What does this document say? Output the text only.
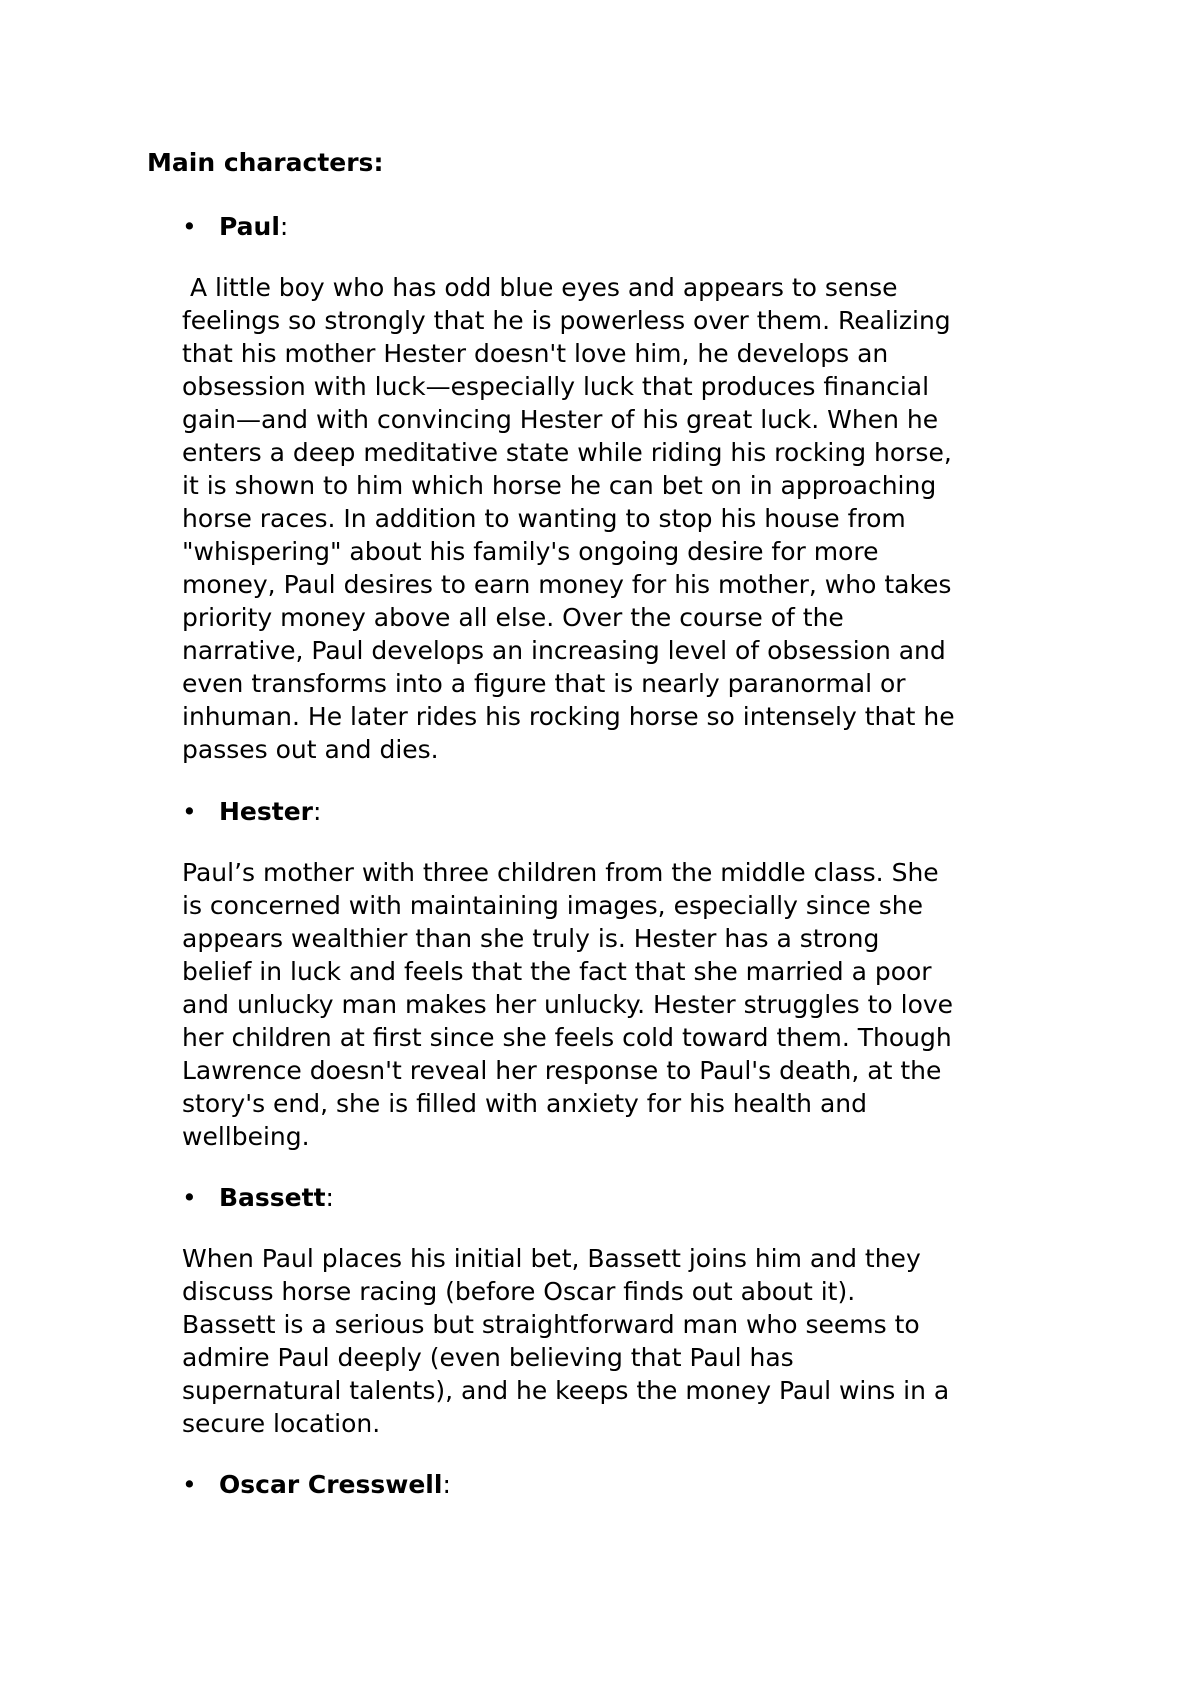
Main characters:
• Paul:

A little boy who has odd blue eyes and appears to sense
feelings so strongly that he is powerless over them. Realizing
that his mother Hester doesn't love him, he develops an
obsession with luck—especially luck that produces financial
gain—and with convincing Hester of his great luck. When he
enters a deep meditative state while riding his rocking horse,
it is shown to him which horse he can bet on in approaching
horse races. In addition to wanting to stop his house from
"whispering" about his family's ongoing desire for more
money, Paul desires to earn money for his mother, who takes
priority money above all else. Over the course of the
narrative, Paul develops an increasing level of obsession and
even transforms into a figure that is nearly paranormal or
inhuman. He later rides his rocking horse so intensely that he
passes out and dies.

• Hester:

Paul’s mother with three children from the middle class. She
is concerned with maintaining images, especially since she
appears wealthier than she truly is. Hester has a strong
belief in luck and feels that the fact that she married a poor
and unlucky man makes her unlucky. Hester struggles to love
her children at first since she feels cold toward them. Though
Lawrence doesn't reveal her response to Paul's death, at the
story's end, she is filled with anxiety for his health and
wellbeing.

• Bassett:

When Paul places his initial bet, Bassett joins him and they
discuss horse racing (before Oscar finds out about it).
Bassett is a serious but straightforward man who seems to
admire Paul deeply (even believing that Paul has
supernatural talents), and he keeps the money Paul wins in a
secure location.

• Oscar Cresswell:
